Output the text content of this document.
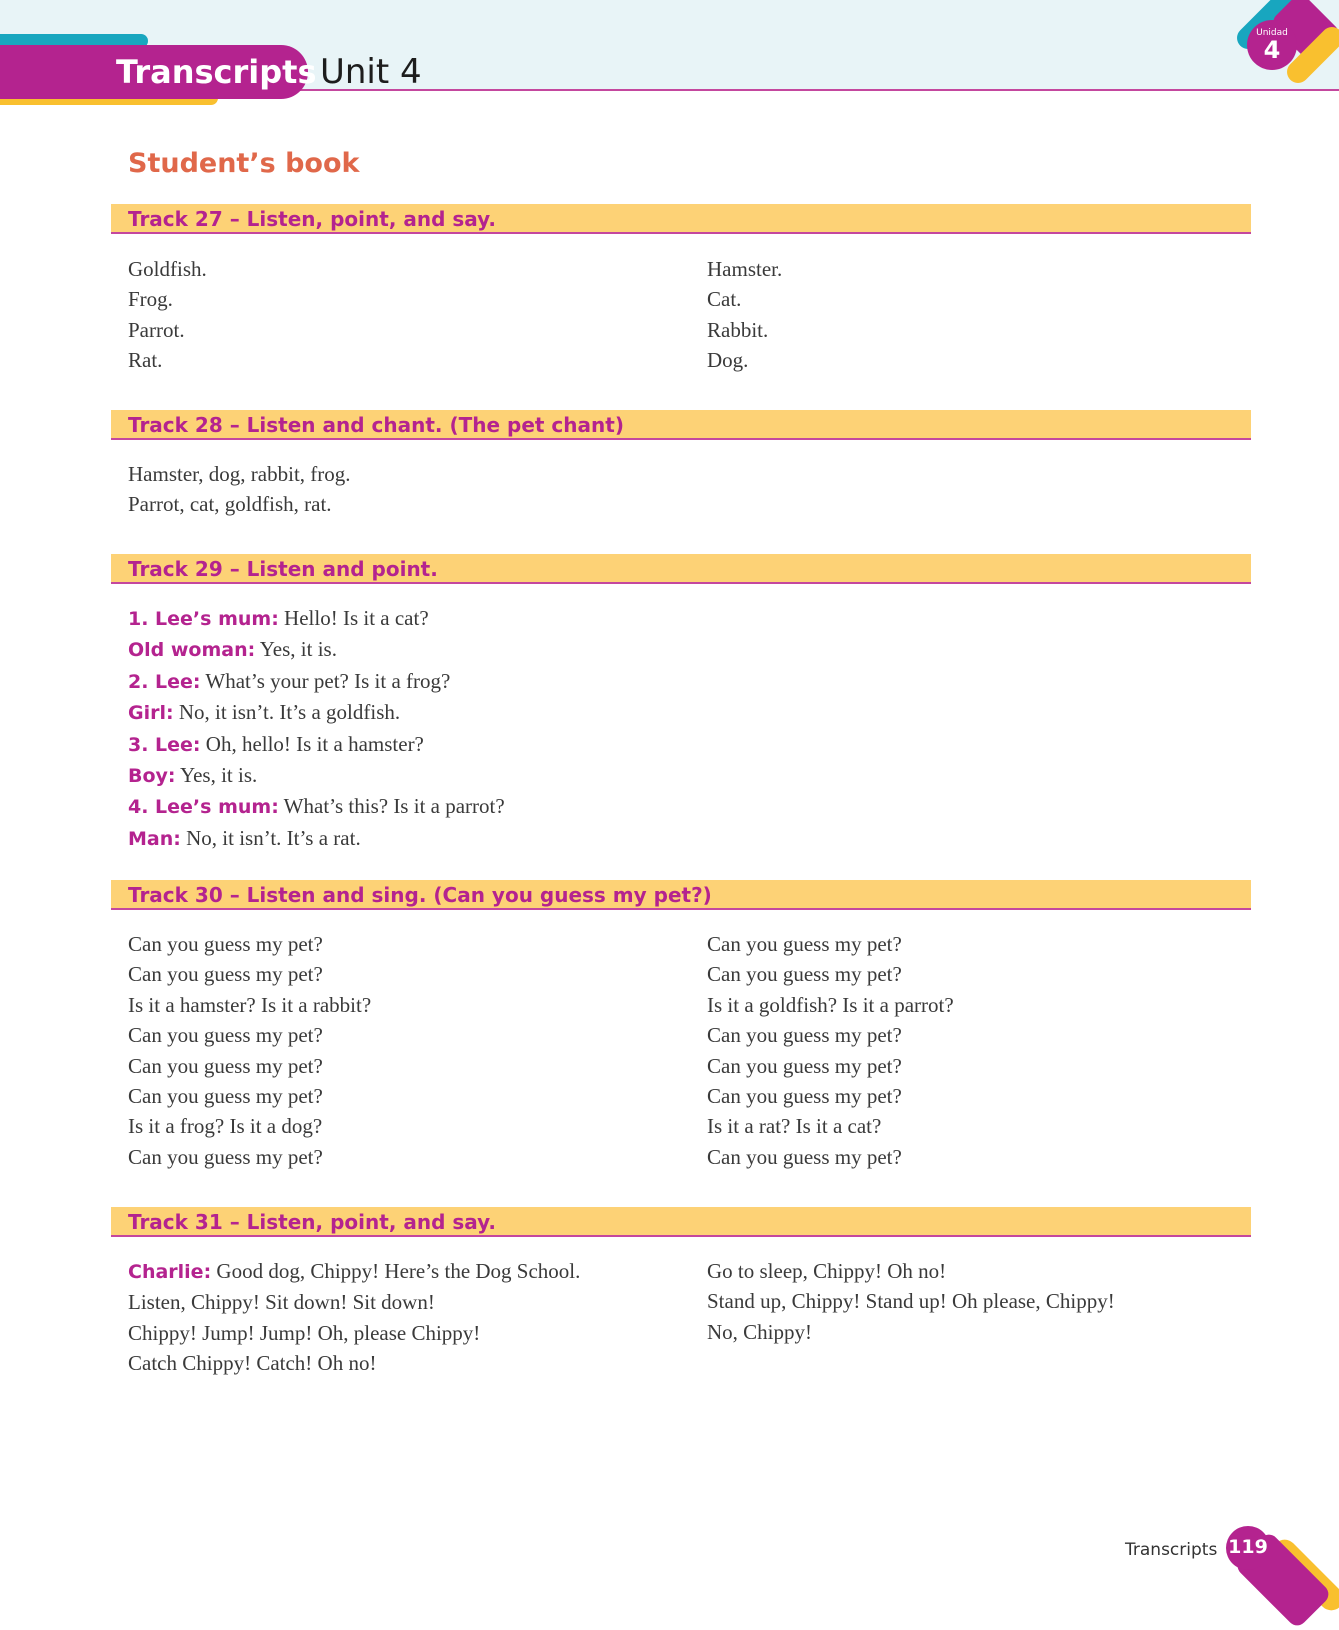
Transcripts Unit 4
Unidad
4
Student’s book
Track 27 – Listen, point, and say.
Goldfish.
Frog.
Parrot.
Rat.
Hamster.
Cat.
Rabbit.
Dog.
Track 28 – Listen and chant. (The pet chant)
Hamster, dog, rabbit, frog.
Parrot, cat, goldfish, rat.
Track 29 – Listen and point.
1. Lee’s mum: Hello! Is it a cat?
Old woman: Yes, it is.
2. Lee: What’s your pet? Is it a frog?
Girl: No, it isn’t. It’s a goldfish.
3. Lee: Oh, hello! Is it a hamster?
Boy: Yes, it is.
4. Lee’s mum: What’s this? Is it a parrot?
Man: No, it isn’t. It’s a rat.
Track 30 – Listen and sing. (Can you guess my pet?)
Can you guess my pet?
Can you guess my pet?
Is it a hamster? Is it a rabbit?
Can you guess my pet?
Can you guess my pet?
Can you guess my pet?
Is it a frog? Is it a dog?
Can you guess my pet?
Can you guess my pet?
Can you guess my pet?
Is it a goldfish? Is it a parrot?
Can you guess my pet?
Can you guess my pet?
Can you guess my pet?
Is it a rat? Is it a cat?
Can you guess my pet?
Track 31 – Listen, point, and say.
Charlie: Good dog, Chippy! Here’s the Dog School.
Listen, Chippy! Sit down! Sit down!
Chippy! Jump! Jump! Oh, please Chippy!
Catch Chippy! Catch! Oh no!
Go to sleep, Chippy! Oh no!
Stand up, Chippy! Stand up! Oh please, Chippy!
No, Chippy!
Transcripts 119
